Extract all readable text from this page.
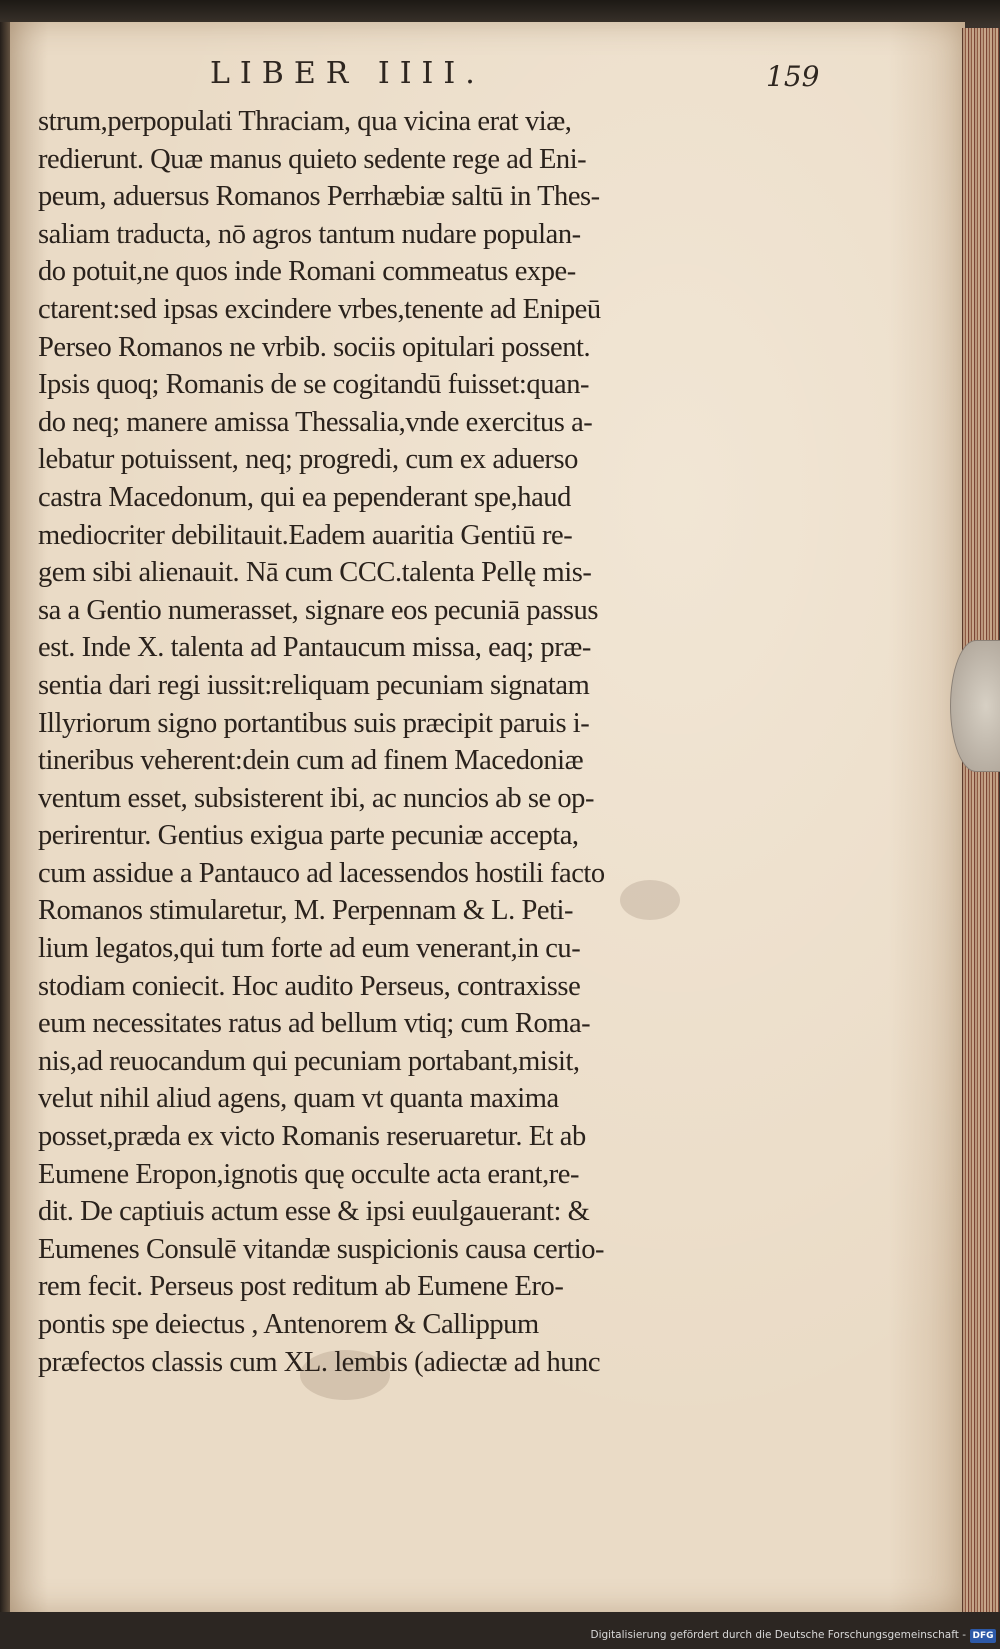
LIBER IIII.	159
strum,perpopulati Thraciam, qua vicina erat viæ,
redierunt. Quæ manus quieto sedente rege ad Eni-
peum, aduersus Romanos Perrhæbiæ saltū in Thes-
saliam traducta, nō agros tantum nudare populan-
do potuit,ne quos inde Romani commeatus expe-
ctarent:sed ipsas excindere vrbes,tenente ad Enipeū
Perseo Romanos ne vrbib. sociis opitulari possent.
Ipsis quoq; Romanis de se cogitandū fuisset:quan-
do neq; manere amissa Thessalia,vnde exercitus a-
lebatur potuissent, neq; progredi, cum ex aduerso
castra Macedonum, qui ea pependerant spe,haud
mediocriter debilitauit.Eadem auaritia Gentiū re-
gem sibi alienauit. Nā cum CCC.talenta Pellę mis-
sa a Gentio numerasset, signare eos pecuniā passus
est. Inde X. talenta ad Pantaucum missa, eaq; præ-
sentia dari regi iussit:reliquam pecuniam signatam
Illyriorum signo portantibus suis præcipit paruis i-
tineribus veherent:dein cum ad finem Macedoniæ
ventum esset, subsisterent ibi, ac nuncios ab se op-
perirentur. Gentius exigua parte pecuniæ accepta,
cum assidue a Pantauco ad lacessendos hostili facto
Romanos stimularetur, M. Perpennam & L. Peti-
lium legatos,qui tum forte ad eum venerant,in cu-
stodiam coniecit. Hoc audito Perseus, contraxisse
eum necessitates ratus ad bellum vtiq; cum Roma-
nis,ad reuocandum qui pecuniam portabant,misit,
velut nihil aliud agens, quam vt quanta maxima
posset,præda ex victo Romanis reseruaretur. Et ab
Eumene Eropon,ignotis quę occulte acta erant,re-
dit. De captiuis actum esse & ipsi euulgauerant: &
Eumenes Consulē vitandæ suspicionis causa certio-
rem fecit. Perseus post reditum ab Eumene Ero-
pontis spe deiectus , Antenorem & Callippum
præfectos classis cum XL. lembis (adiectæ ad hunc
Digitalisierung gefördert durch die Deutsche Forschungsgemeinschaft - DFG
